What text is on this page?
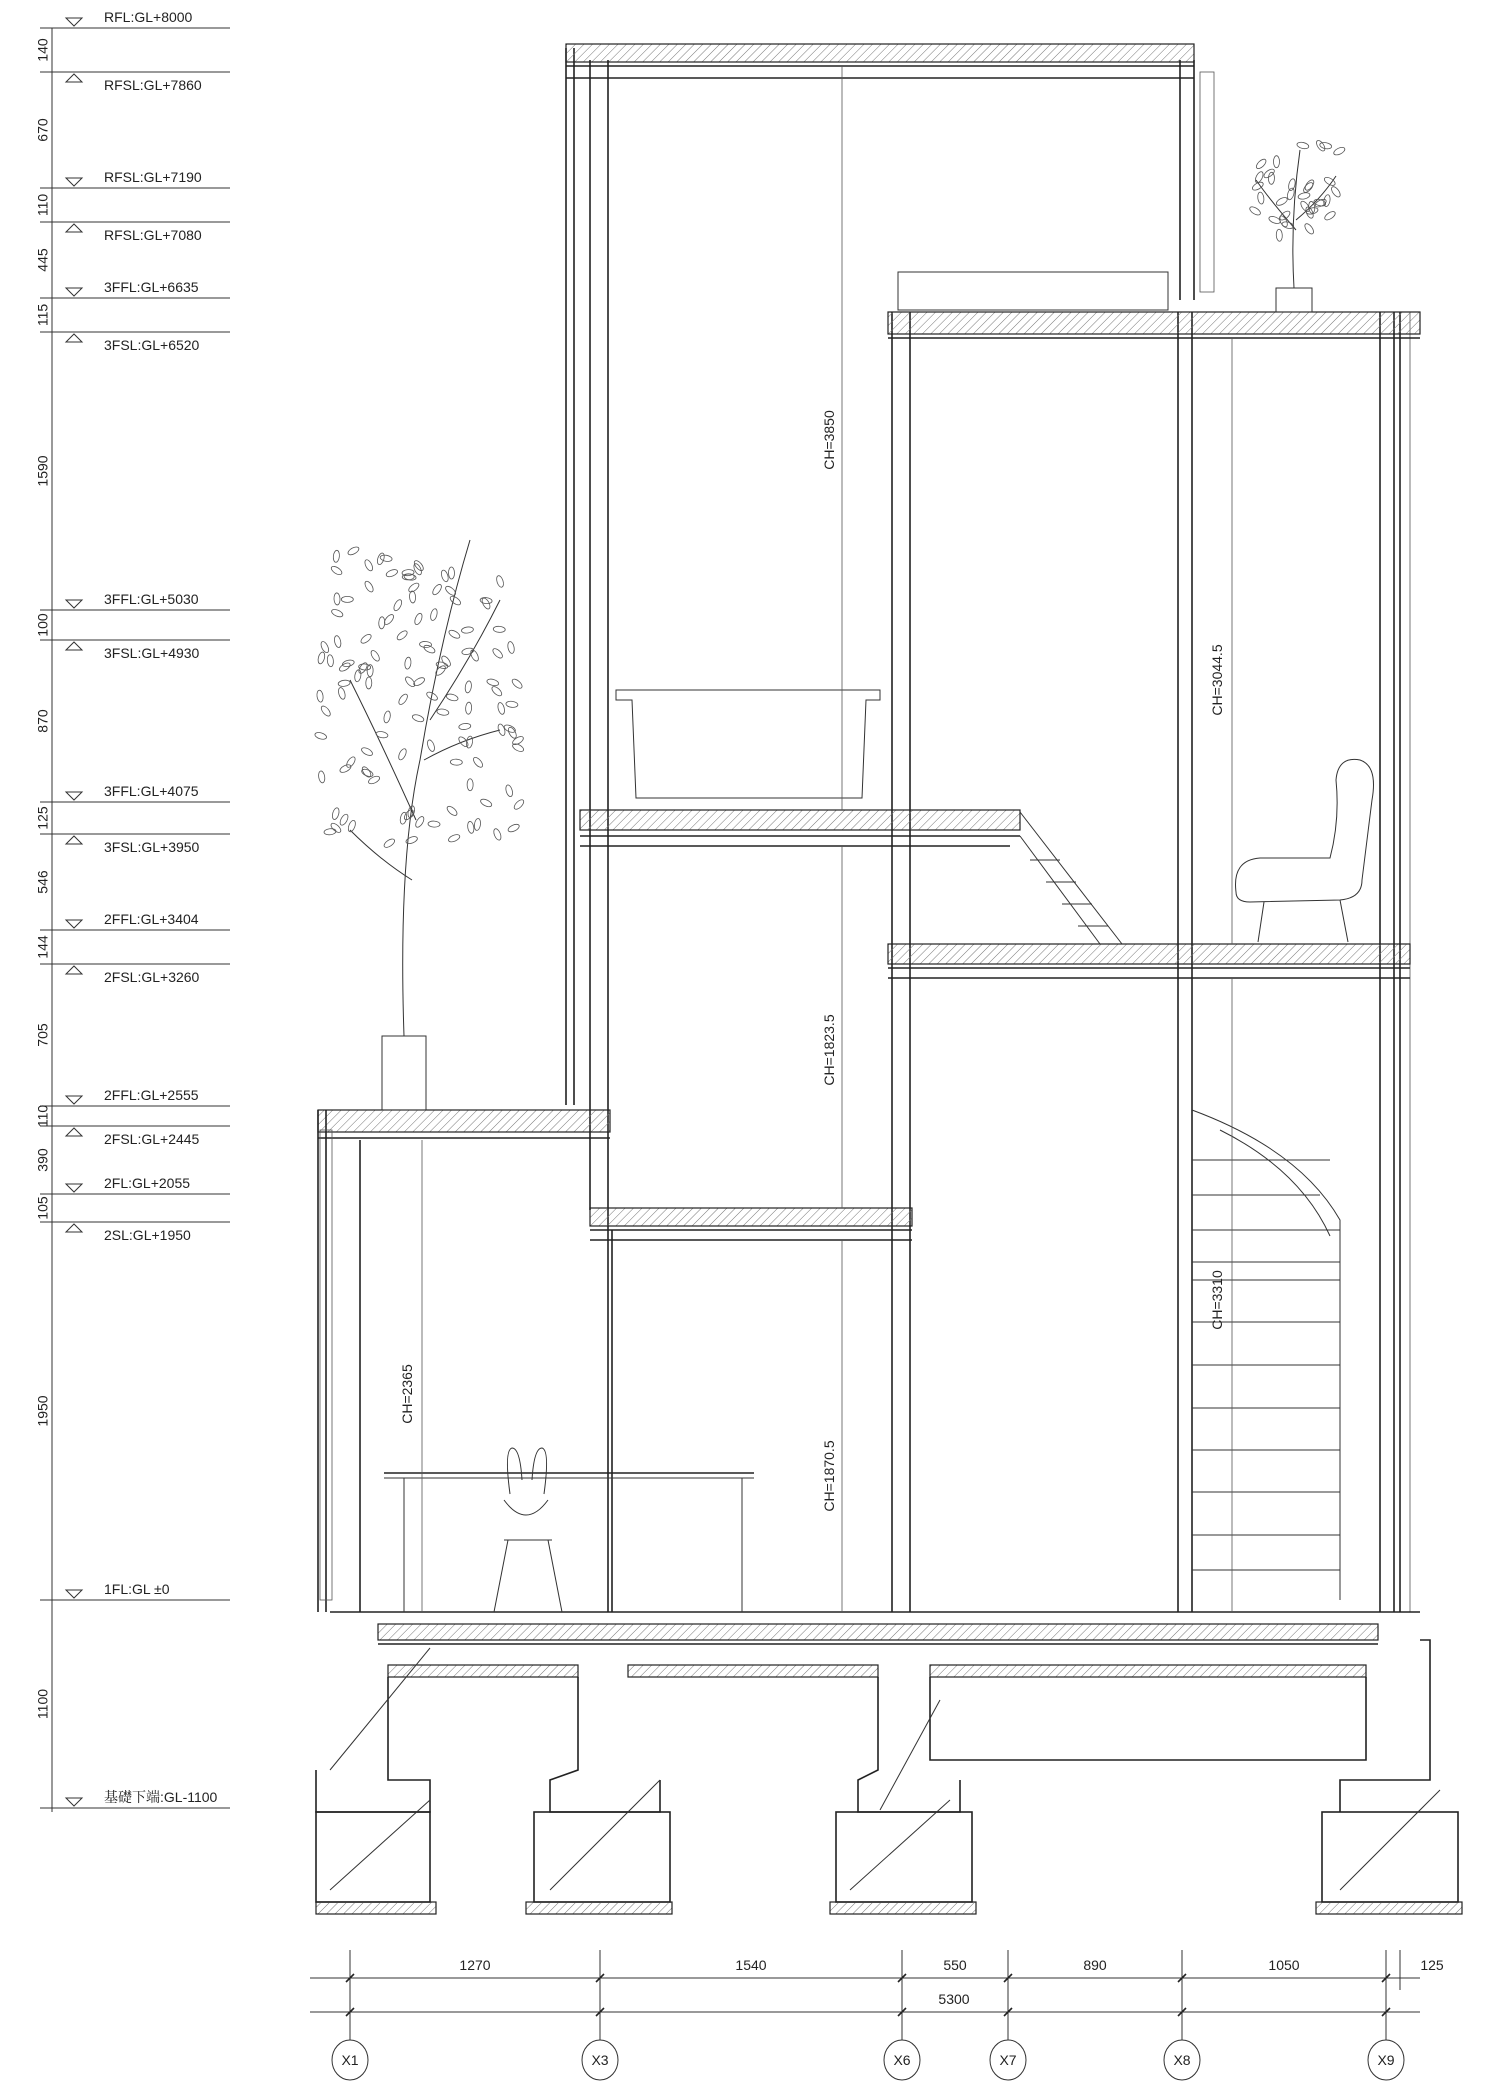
RFL:GL+8000
RFSL:GL+7860
RFSL:GL+7190
RFSL:GL+7080
3FFL:GL+6635
3FSL:GL+6520
3FFL:GL+5030
3FSL:GL+4930
3FFL:GL+4075
3FSL:GL+3950
2FFL:GL+3404
2FSL:GL+3260
2FFL:GL+2555
2FSL:GL+2445
2FL:GL+2055
2SL:GL+1950
1FL:GL ±0
基礎下端:GL-1100
140
670
110
445
115
1590
100
870
125
546
144
705
110
390
105
1950
1100
CH=3850
CH=3044.5
CH=1823.5
CH=3310
CH=2365
CH=1870.5
1270	1540	550	890	1050	125
5300
X1	X3	X6	X7	X8	X9
